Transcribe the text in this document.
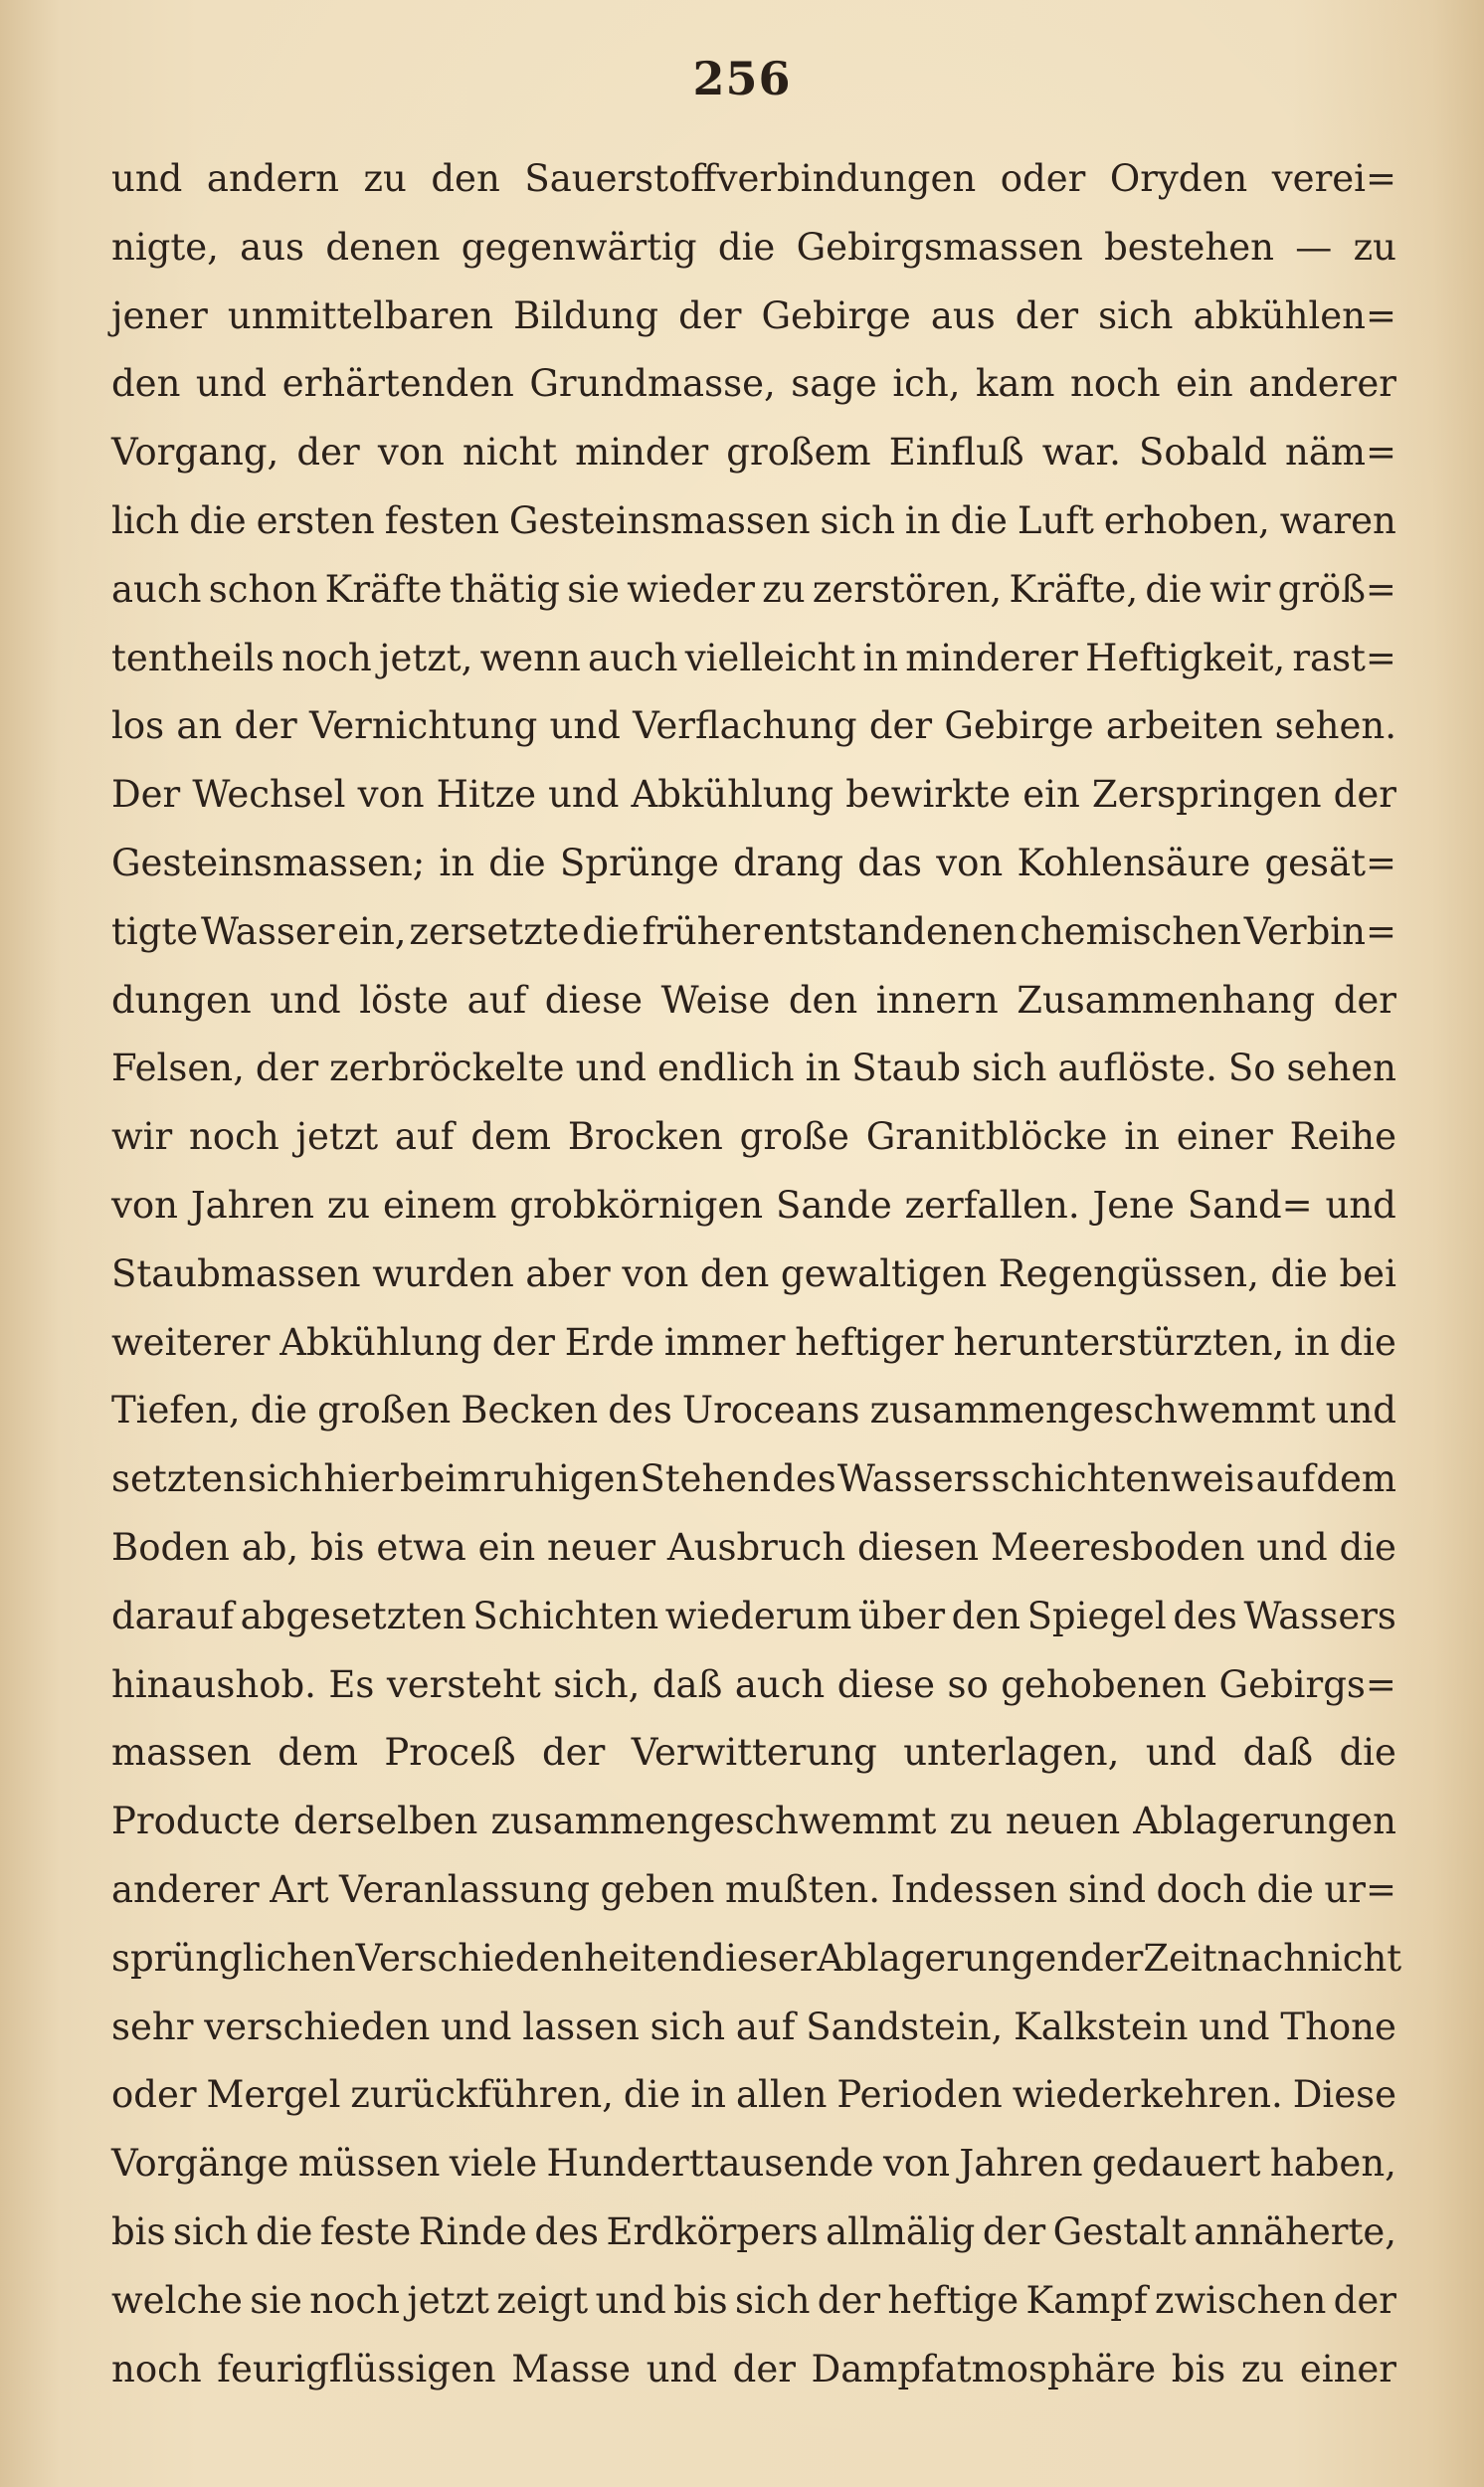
256
und andern zu den Sauerstoffverbindungen oder Oryden verei=
nigte, aus denen gegenwärtig die Gebirgsmassen bestehen — zu
jener unmittelbaren Bildung der Gebirge aus der sich abkühlen=
den und erhärtenden Grundmasse, sage ich, kam noch ein anderer
Vorgang, der von nicht minder großem Einfluß war. Sobald näm=
lich die ersten festen Gesteinsmassen sich in die Luft erhoben, waren
auch schon Kräfte thätig sie wieder zu zerstören, Kräfte, die wir größ=
tentheils noch jetzt, wenn auch vielleicht in minderer Heftigkeit, rast=
los an der Vernichtung und Verflachung der Gebirge arbeiten sehen.
Der Wechsel von Hitze und Abkühlung bewirkte ein Zerspringen der
Gesteinsmassen; in die Sprünge drang das von Kohlensäure gesät=
tigte Wasser ein, zersetzte die früher entstandenen chemischen Verbin=
dungen und löste auf diese Weise den innern Zusammenhang der
Felsen, der zerbröckelte und endlich in Staub sich auflöste. So sehen
wir noch jetzt auf dem Brocken große Granitblöcke in einer Reihe
von Jahren zu einem grobkörnigen Sande zerfallen. Jene Sand= und
Staubmassen wurden aber von den gewaltigen Regengüssen, die bei
weiterer Abkühlung der Erde immer heftiger herunterstürzten, in die
Tiefen, die großen Becken des Uroceans zusammengeschwemmt und
setzten sich hier beim ruhigen Stehen des Wassers schichtenweis auf dem
Boden ab, bis etwa ein neuer Ausbruch diesen Meeresboden und die
darauf abgesetzten Schichten wiederum über den Spiegel des Wassers
hinaushob. Es versteht sich, daß auch diese so gehobenen Gebirgs=
massen dem Proceß der Verwitterung unterlagen, und daß die
Producte derselben zusammengeschwemmt zu neuen Ablagerungen
anderer Art Veranlassung geben mußten. Indessen sind doch die ur=
sprünglichen Verschiedenheiten dieser Ablagerungen der Zeit nach nicht
sehr verschieden und lassen sich auf Sandstein, Kalkstein und Thone
oder Mergel zurückführen, die in allen Perioden wiederkehren. Diese
Vorgänge müssen viele Hunderttausende von Jahren gedauert haben,
bis sich die feste Rinde des Erdkörpers allmälig der Gestalt annäherte,
welche sie noch jetzt zeigt und bis sich der heftige Kampf zwischen der
noch feurigflüssigen Masse und der Dampfatmosphäre bis zu einer
